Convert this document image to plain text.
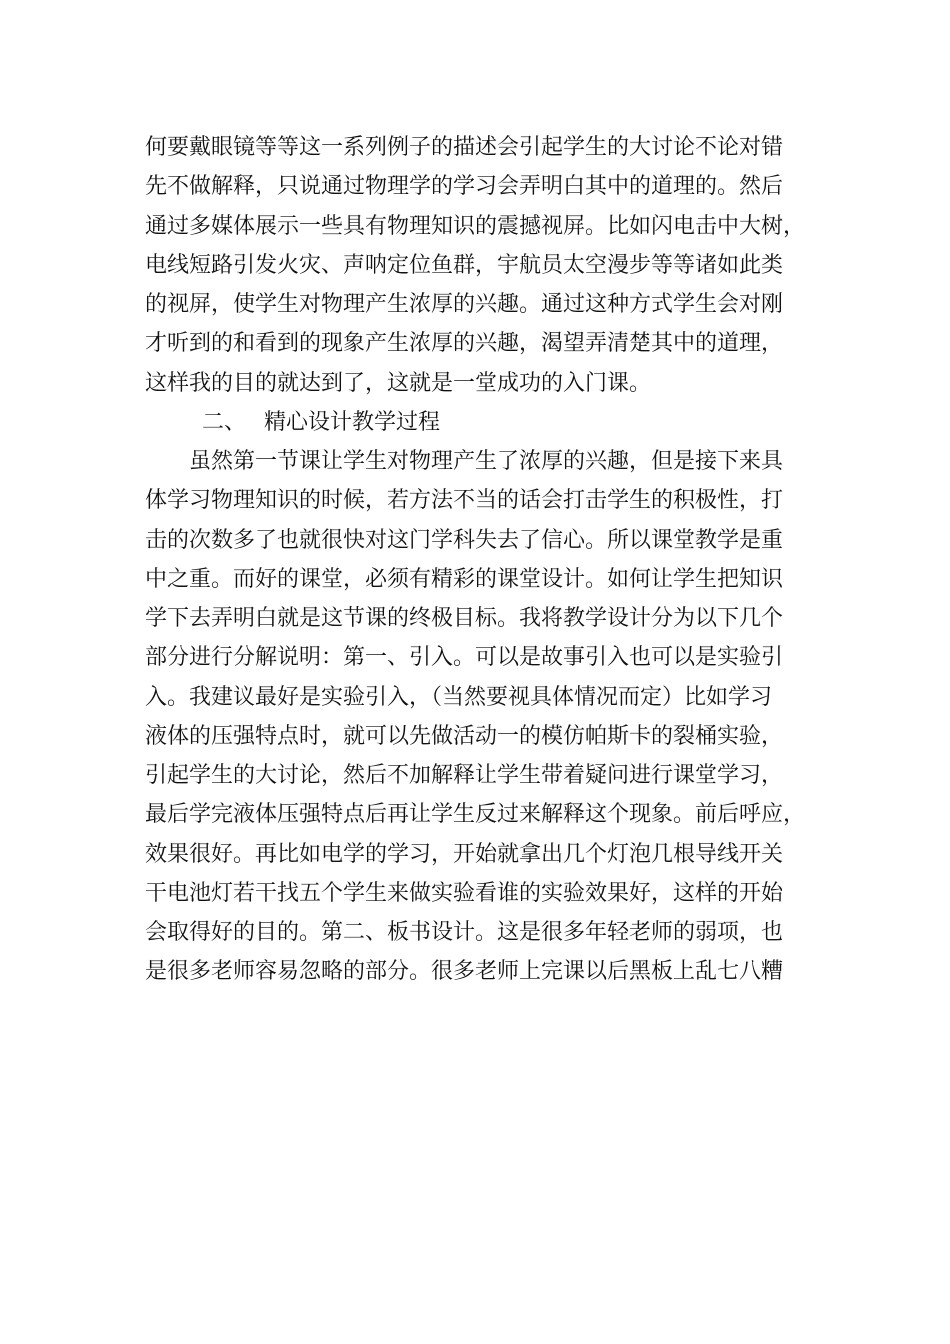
何要戴眼镜等等这一系列例子的描述会引起学生的大讨论不论对错
先不做解释，只说通过物理学的学习会弄明白其中的道理的。然后
通过多媒体展示一些具有物理知识的震撼视屏。比如闪电击中大树，
电线短路引发火灾、声呐定位鱼群，宇航员太空漫步等等诸如此类
的视屏，使学生对物理产生浓厚的兴趣。通过这种方式学生会对刚
才听到的和看到的现象产生浓厚的兴趣，渴望弄清楚其中的道理，
这样我的目的就达到了，这就是一堂成功的入门课。
二、 精心设计教学过程
虽然第一节课让学生对物理产生了浓厚的兴趣，但是接下来具
体学习物理知识的时候，若方法不当的话会打击学生的积极性，打
击的次数多了也就很快对这门学科失去了信心。所以课堂教学是重
中之重。而好的课堂，必须有精彩的课堂设计。如何让学生把知识
学下去弄明白就是这节课的终极目标。我将教学设计分为以下几个
部分进行分解说明：第一、引入。可以是故事引入也可以是实验引
入。我建议最好是实验引入，（当然要视具体情况而定）比如学习
液体的压强特点时，就可以先做活动一的模仿帕斯卡的裂桶实验，
引起学生的大讨论，然后不加解释让学生带着疑问进行课堂学习，
最后学完液体压强特点后再让学生反过来解释这个现象。前后呼应，
效果很好。再比如电学的学习，开始就拿出几个灯泡几根导线开关
干电池灯若干找五个学生来做实验看谁的实验效果好，这样的开始
会取得好的目的。第二、板书设计。这是很多年轻老师的弱项，也
是很多老师容易忽略的部分。很多老师上完课以后黑板上乱七八糟
